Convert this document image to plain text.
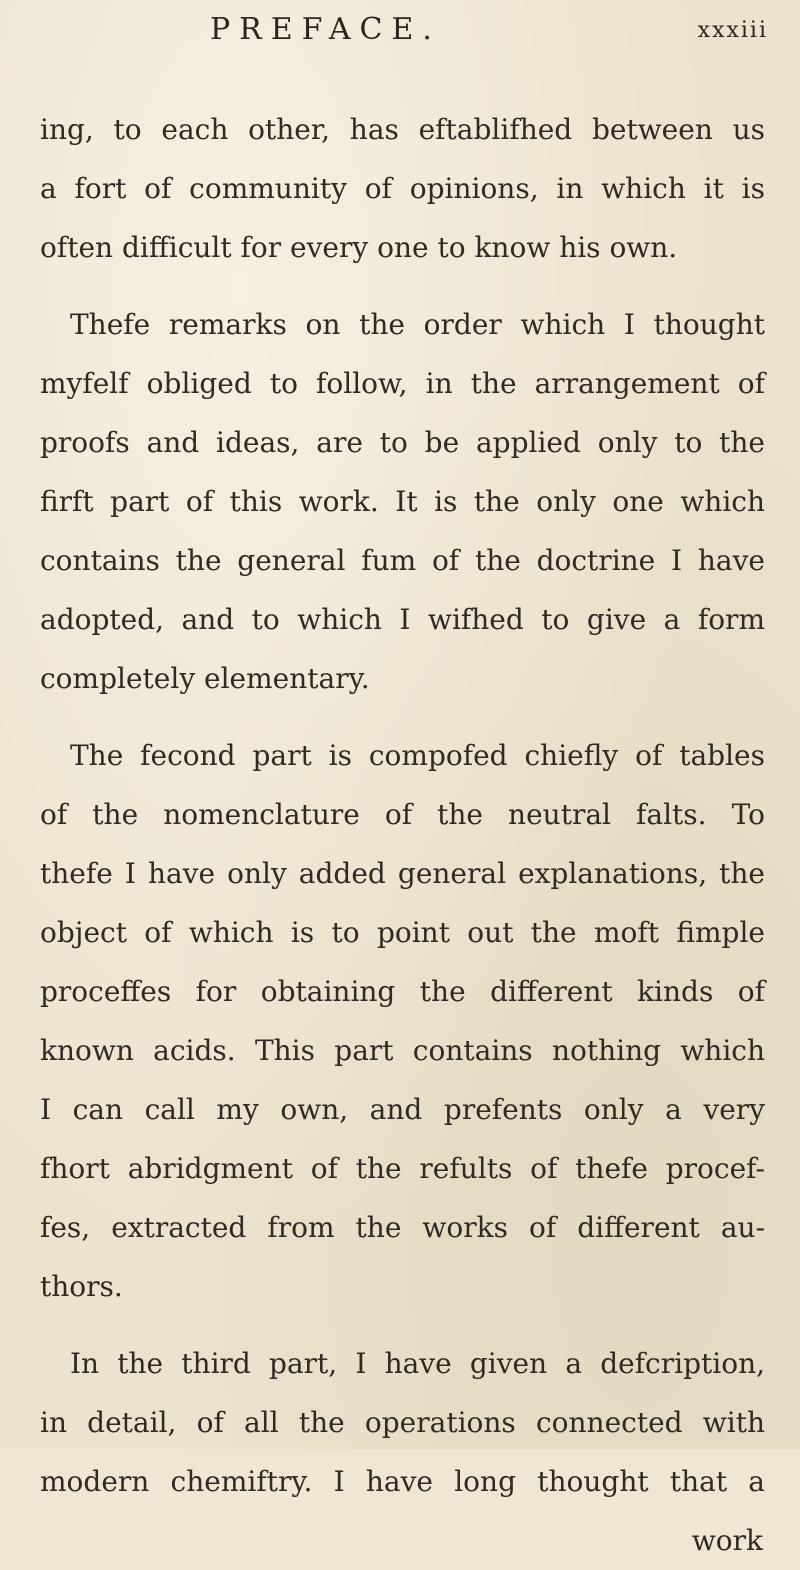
PREFACE.	xxxiii
ing, to each other, has eftablifhed between us
a fort of community of opinions, in which it is
often difficult for every one to know his own.
Thefe remarks on the order which I thought
myfelf obliged to follow, in the arrangement of
proofs and ideas, are to be applied only to the
firft part of this work. It is the only one which
contains the general fum of the doctrine I have
adopted, and to which I wifhed to give a form
completely elementary.
The fecond part is compofed chiefly of tables
of the nomenclature of the neutral falts. To
thefe I have only added general explanations, the
object of which is to point out the moft fimple
proceffes for obtaining the different kinds of
known acids. This part contains nothing which
I can call my own, and prefents only a very
fhort abridgment of the refults of thefe procef-
fes, extracted from the works of different au-
thors.
In the third part, I have given a defcription,
in detail, of all the operations connected with
modern chemiftry. I have long thought that a
work
